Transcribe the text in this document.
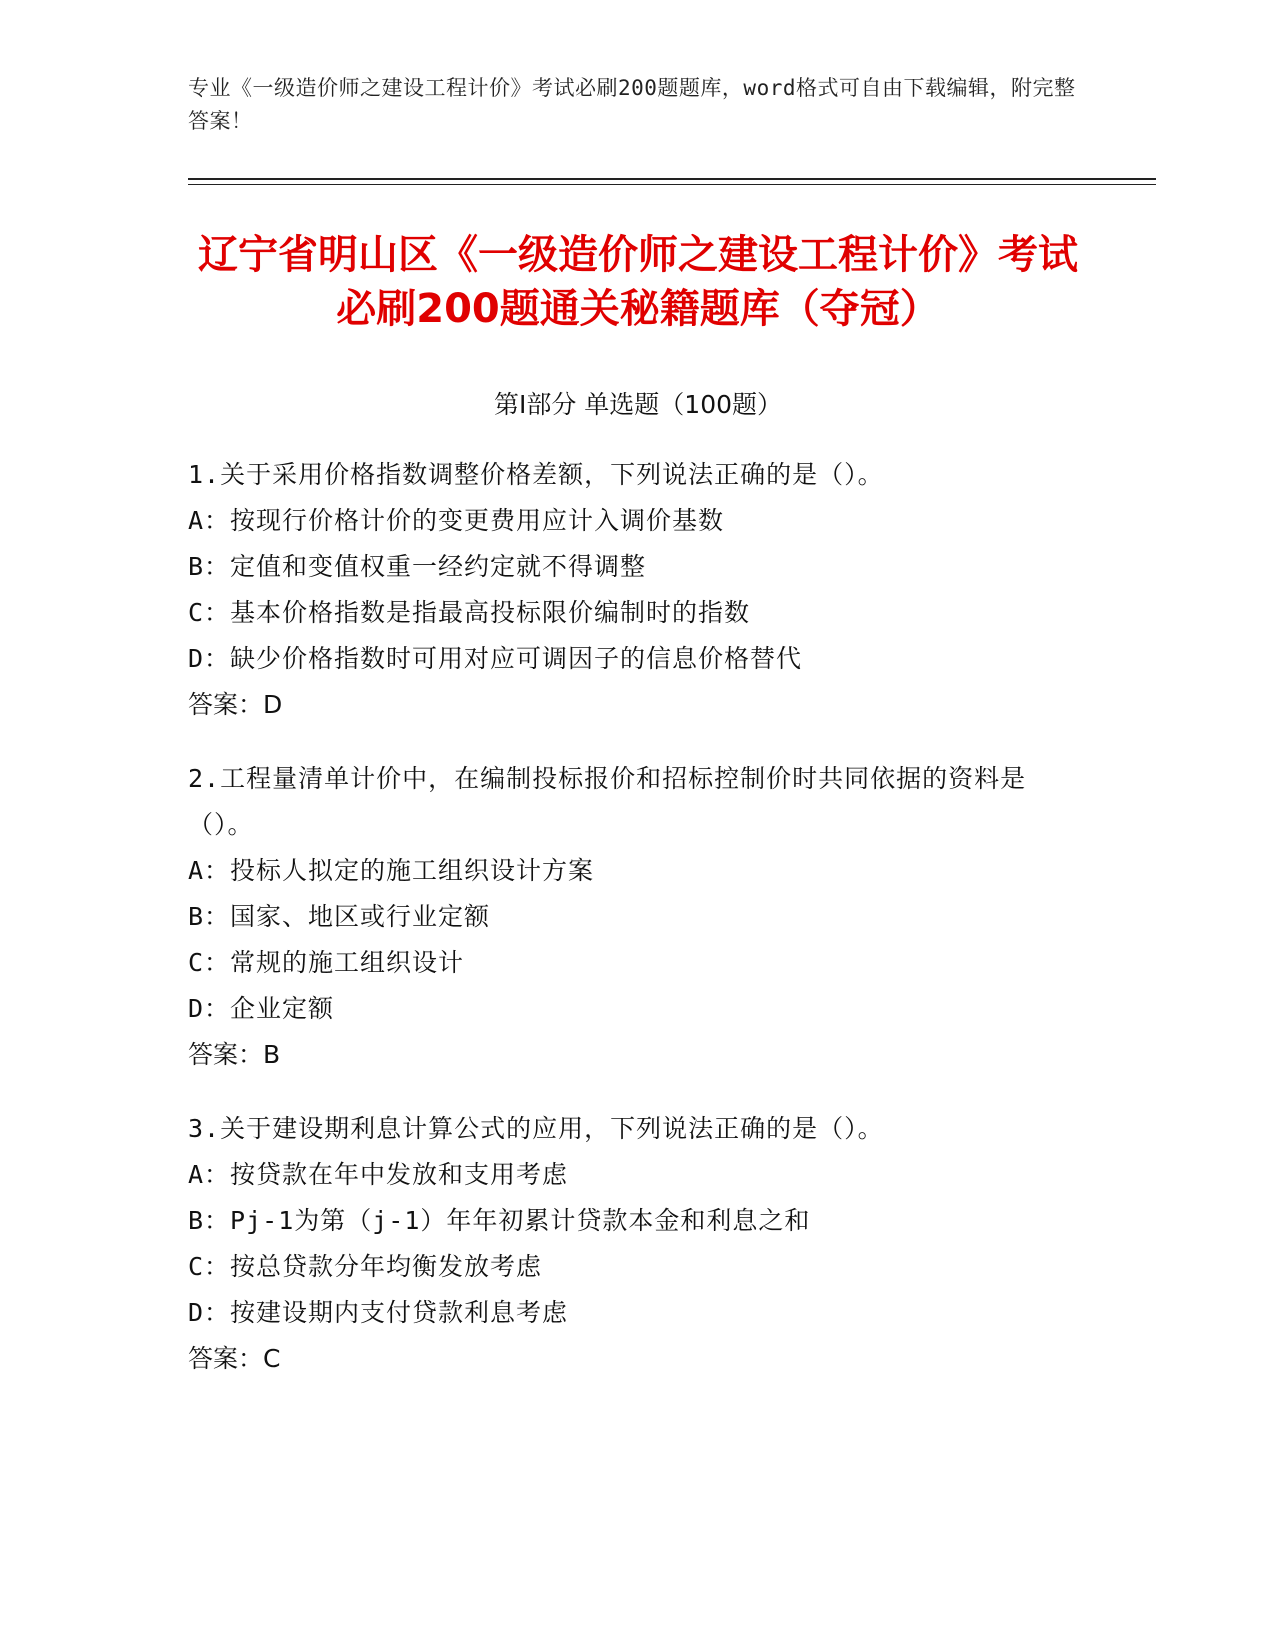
专业《一级造价师之建设工程计价》考试必刷200题题库，word格式可自由下载编辑，附完整答案！
辽宁省明山区《一级造价师之建设工程计价》考试必刷200题通关秘籍题库（夺冠）
第Ⅰ部分 单选题（100题）

1.关于采用价格指数调整价格差额，下列说法正确的是（）。

A：按现行价格计价的变更费用应计入调价基数

B：定值和变值权重一经约定就不得调整

C：基本价格指数是指最高投标限价编制时的指数

D：缺少价格指数时可用对应可调因子的信息价格替代

答案：D

2.工程量清单计价中，在编制投标报价和招标控制价时共同依据的资料是（）。

A：投标人拟定的施工组织设计方案

B：国家、地区或行业定额

C：常规的施工组织设计

D：企业定额

答案：B

3.关于建设期利息计算公式的应用，下列说法正确的是（）。

A：按贷款在年中发放和支用考虑

B：Pj-1为第（j-1）年年初累计贷款本金和利息之和

C：按总贷款分年均衡发放考虑

D：按建设期内支付贷款利息考虑

答案：C
